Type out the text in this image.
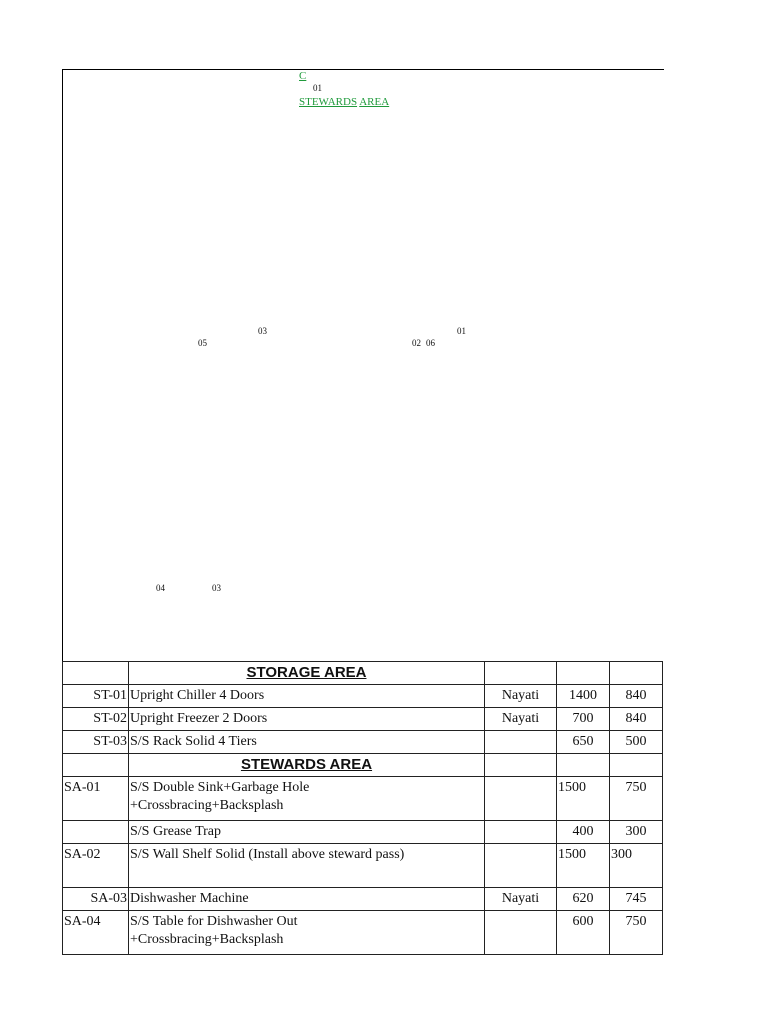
C
01
STEWARDS AREA
03
05
01
02 06
04	03
	STORAGE AREA			
ST-01	Upright Chiller 4 Doors	Nayati	1400	840
ST-02	Upright Freezer 2 Doors	Nayati	700	840
ST-03	S/S Rack Solid 4 Tiers		650	500
	STEWARDS AREA			
SA-01	S/S Double Sink+Garbage Hole
+Crossbracing+Backsplash		1500	750
	S/S Grease Trap		400	300
SA-02	S/S Wall Shelf Solid (Install above steward pass)		1500	300
SA-03	Dishwasher Machine	Nayati	620	745
SA-04	S/S Table for Dishwasher Out
+Crossbracing+Backsplash		600	750
